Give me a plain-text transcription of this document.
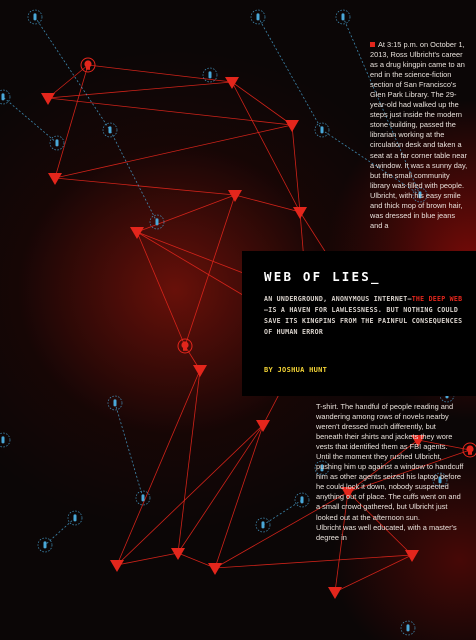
At 3:15 p.m. on October 1, 2013, Ross Ulbricht's career as a drug kingpin came to an end in the science-fiction section of San Francisco's Glen Park Library. The 29-year-old had walked up the steps just inside the modern stone building, passed the librarian working at the circulation desk and taken a seat at a far corner table near a window. It was a sunny day, but the small community library was filled with people. Ulbricht, with his easy smile and thick mop of brown hair, was dressed in blue jeans and a

WEB OF LIES_

AN UNDERGROUND, ANONYMOUS INTERNET—THE DEEP WEB—IS A HAVEN FOR LAWLESSNESS. BUT NOTHING COULD SAVE ITS KINGPINS FROM THE PAINFUL CONSEQUENCES OF HUMAN ERROR

BY JOSHUA HUNT

T-shirt. The handful of people reading and wandering among rows of novels nearby weren't dressed much differently, but beneath their shirts and jackets they wore vests that identified them as FBI agents. Until the moment they rushed Ulbricht, pushing him up against a window to handcuff him as other agents seized his laptop before he could lock it down, nobody suspected anything out of place. The cuffs went on and a small crowd gathered, but Ulbricht just looked out at the afternoon sun.
Ulbricht was well educated, with a master's degree in
